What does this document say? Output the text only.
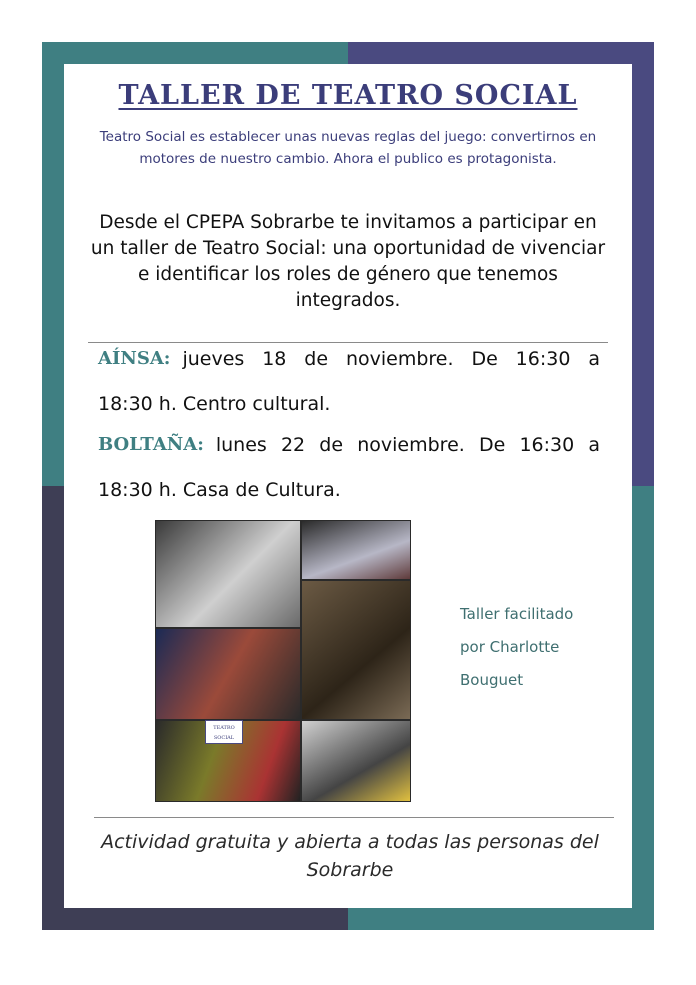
TALLER DE TEATRO SOCIAL
Teatro Social es establecer unas nuevas reglas del juego: convertirnos en motores de nuestro cambio. Ahora el publico es protagonista.
Desde el CPEPA Sobrarbe te invitamos a participar en un taller de Teatro Social: una oportunidad de vivenciar e identificar los roles de género que tenemos integrados.
AÍNSA: jueves 18 de noviembre. De 16:30 a
18:30 h. Centro cultural.
BOLTAÑA: lunes 22 de noviembre. De 16:30 a
18:30 h. Casa de Cultura.
TEATRO
SOCIAL
Taller facilitado
por Charlotte
Bouguet
Actividad gratuita y abierta a todas las personas del Sobrarbe
